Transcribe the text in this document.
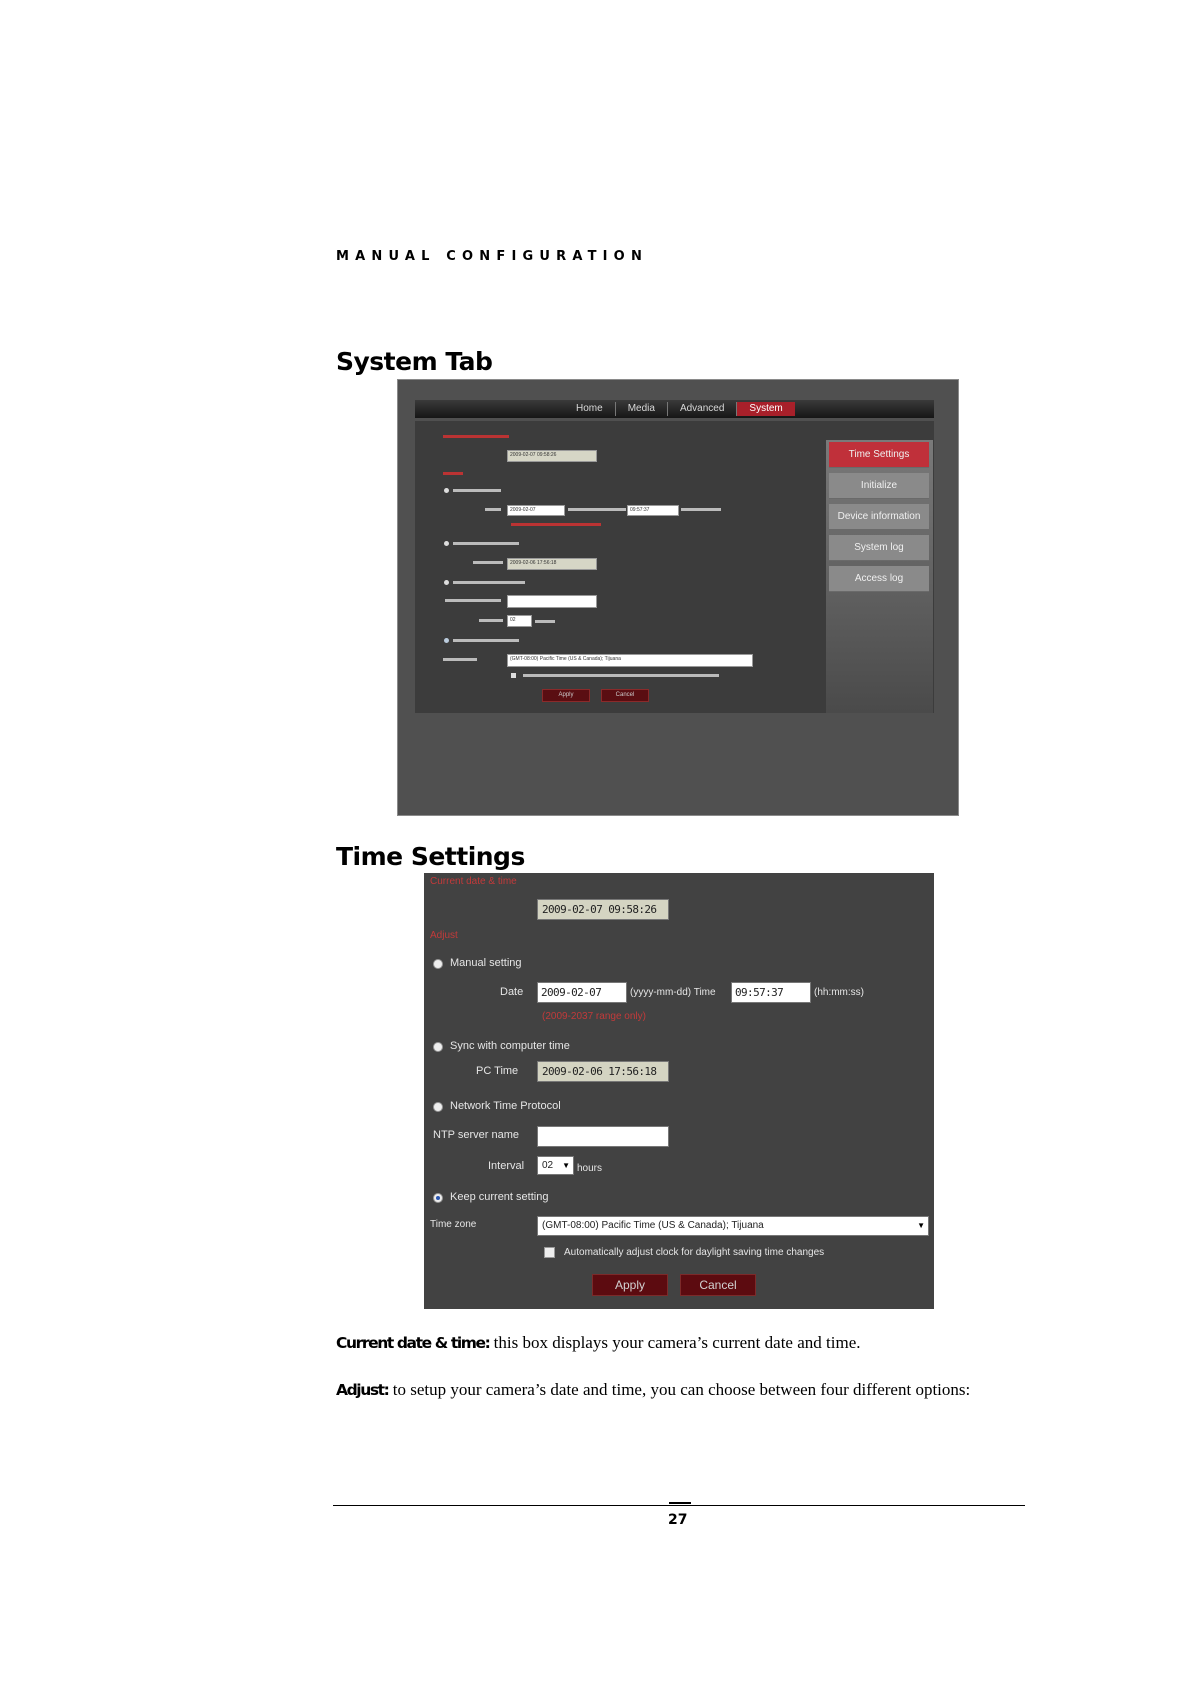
MANUAL CONFIGURATION
System Tab
Home	Media	Advanced	System
2009-02-07 09:58:26
2009-02-07	09:57:37
2009-02-06 17:56:18
02
(GMT-08:00) Pacific Time (US & Canada); Tijuana
Apply	Cancel
Time Settings
Initialize
Device information
System log
Access log
Time Settings
Current date & time
2009-02-07 09:58:26
Adjust
Manual setting
Date	2009-02-07	(yyyy-mm-dd) Time	09:57:37	(hh:mm:ss)
(2009-2037 range only)
Sync with computer time
PC Time	2009-02-06 17:56:18
Network Time Protocol
NTP server name
Interval	02 ▼ hours
Keep current setting
Time zone	(GMT-08:00) Pacific Time (US & Canada); Tijuana	▼
Automatically adjust clock for daylight saving time changes
Apply	Cancel
Current date & time: this box displays your camera’s current date and time.
Adjust: to setup your camera’s date and time, you can choose between four different options:
27
